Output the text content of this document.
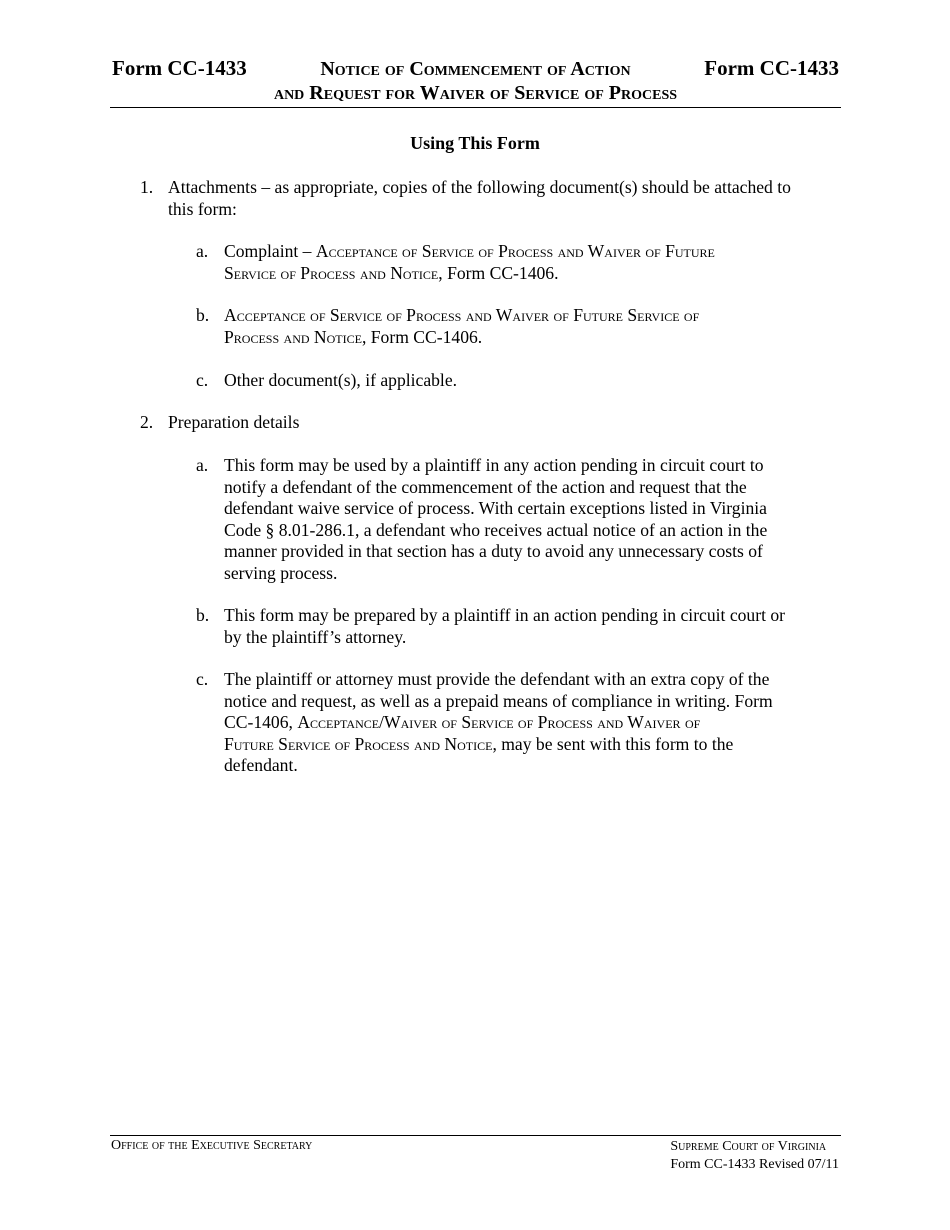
Form CC-1433	Form CC-1433
Notice of Commencement of Action
and Request for Waiver of Service of Process
Using This Form
1. Attachments – as appropriate, copies of the following document(s) should be attached to
this form:
a. Complaint – Acceptance of Service of Process and Waiver of Future
Service of Process and Notice, Form CC-1406.
b. Acceptance of Service of Process and Waiver of Future Service of
Process and Notice, Form CC-1406.
c. Other document(s), if applicable.
2. Preparation details
a. This form may be used by a plaintiff in any action pending in circuit court to
notify a defendant of the commencement of the action and request that the
defendant waive service of process. With certain exceptions listed in Virginia
Code § 8.01-286.1, a defendant who receives actual notice of an action in the
manner provided in that section has a duty to avoid any unnecessary costs of
serving process.
b. This form may be prepared by a plaintiff in an action pending in circuit court or
by the plaintiff’s attorney.
c. The plaintiff or attorney must provide the defendant with an extra copy of the
notice and request, as well as a prepaid means of compliance in writing. Form
CC-1406, Acceptance/Waiver of Service of Process and Waiver of
Future Service of Process and Notice, may be sent with this form to the
defendant.
Office of the Executive Secretary	Supreme Court of Virginia
Form CC-1433 Revised 07/11
